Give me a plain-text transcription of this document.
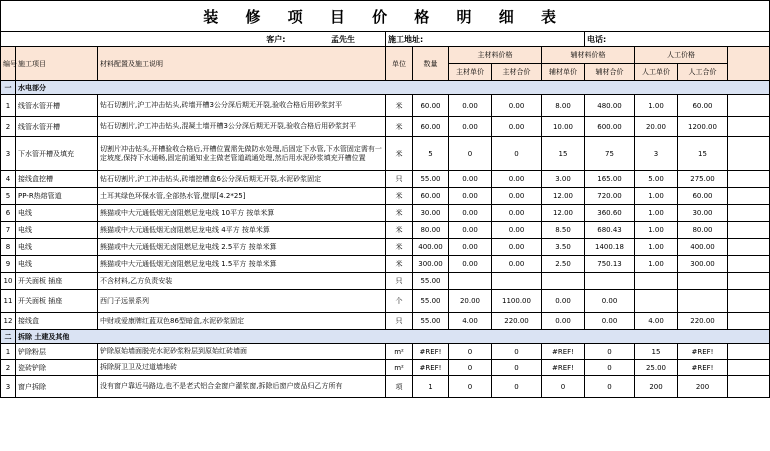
装 修 项 目 价 格 明 细 表											
客户: 孟先生			施工地址:					电话:			
编号	施工项目	材料配置及施工说明	单位	数量	主材料价格		辅材料价格		人工价格		
					主材单价	主材合价	辅材单价	辅材合价	人工单价	人工合价	
一	水电部分										
1	线管水管开槽	钻石切割片,沪工冲击钻头,砖墙开槽3公分深后期无开裂,验收合格后用砂浆封平	米	60.00	0.00	0.00	8.00	480.00	1.00	60.00	
2	线管水管开槽	钻石切割片,沪工冲击钻头,混凝土墙开槽3公分深后期无开裂,验收合格后用砂浆封平	米	60.00	0.00	0.00	10.00	600.00	20.00	1200.00	
3	下水管开槽及填充	切割片冲击钻头,开槽验收合格后,开槽位置需先做防水处理,后固定下水管,下水管固定需有一定坡度,保持下水通畅,固定前通知业主做老管道疏通处理,然后用水泥砂浆填充开槽位置	米	5	0	0	15	75	3	15	
4	接线盒挖槽	钻石切割片,沪工冲击钻头,砖墙挖槽盒6公分深后期无开裂,水泥砂浆固定	只	55.00	0.00	0.00	3.00	165.00	5.00	275.00	
5	PP-R热熔管道	土耳其绿色环保水管,全部热水管,壁厚[4.2*25]	米	60.00	0.00	0.00	12.00	720.00	1.00	60.00	
6	电线	熊猫或中大元通低烟无卤阻燃尼龙电线 10平方 按单米算	米	30.00	0.00	0.00	12.00	360.60	1.00	30.00	
7	电线	熊猫或中大元通低烟无卤阻燃尼龙电线 4平方 按单米算	米	80.00	0.00	0.00	8.50	680.43	1.00	80.00	
8	电线	熊猫或中大元通低烟无卤阻燃尼龙电线 2.5平方 按单米算	米	400.00	0.00	0.00	3.50	1400.18	1.00	400.00	
9	电线	熊猫或中大元通低烟无卤阻燃尼龙电线 1.5平方 按单米算	米	300.00	0.00	0.00	2.50	750.13	1.00	300.00	
10	开关面板 插座	不含材料,乙方负责安装	只	55.00							
11	开关面板 插座	西门子远景系列	个	55.00	20.00	1100.00	0.00	0.00			
12	接线盒	中财或爱康牌红蓝双色86型暗盒,水泥砂浆固定	只	55.00	4.00	220.00	0.00	0.00	4.00	220.00	
二	拆除 土建及其他										
1	铲除粉层	铲除原始墙面脱壳水泥砂浆粉层到原始红砖墙面	m²	#REF!	0	0	#REF!	0	15	#REF!	
2	瓷砖铲除	拆除厨卫卫及过道墙地砖	m²	#REF!	0	0	#REF!	0	25.00	#REF!	
3	窗户拆除	没有窗户靠近马路边,也不是老式铝合金窗户灌浆窗,拆除后窗户废品归乙方所有	项	1	0	0	0	0	200	200	
